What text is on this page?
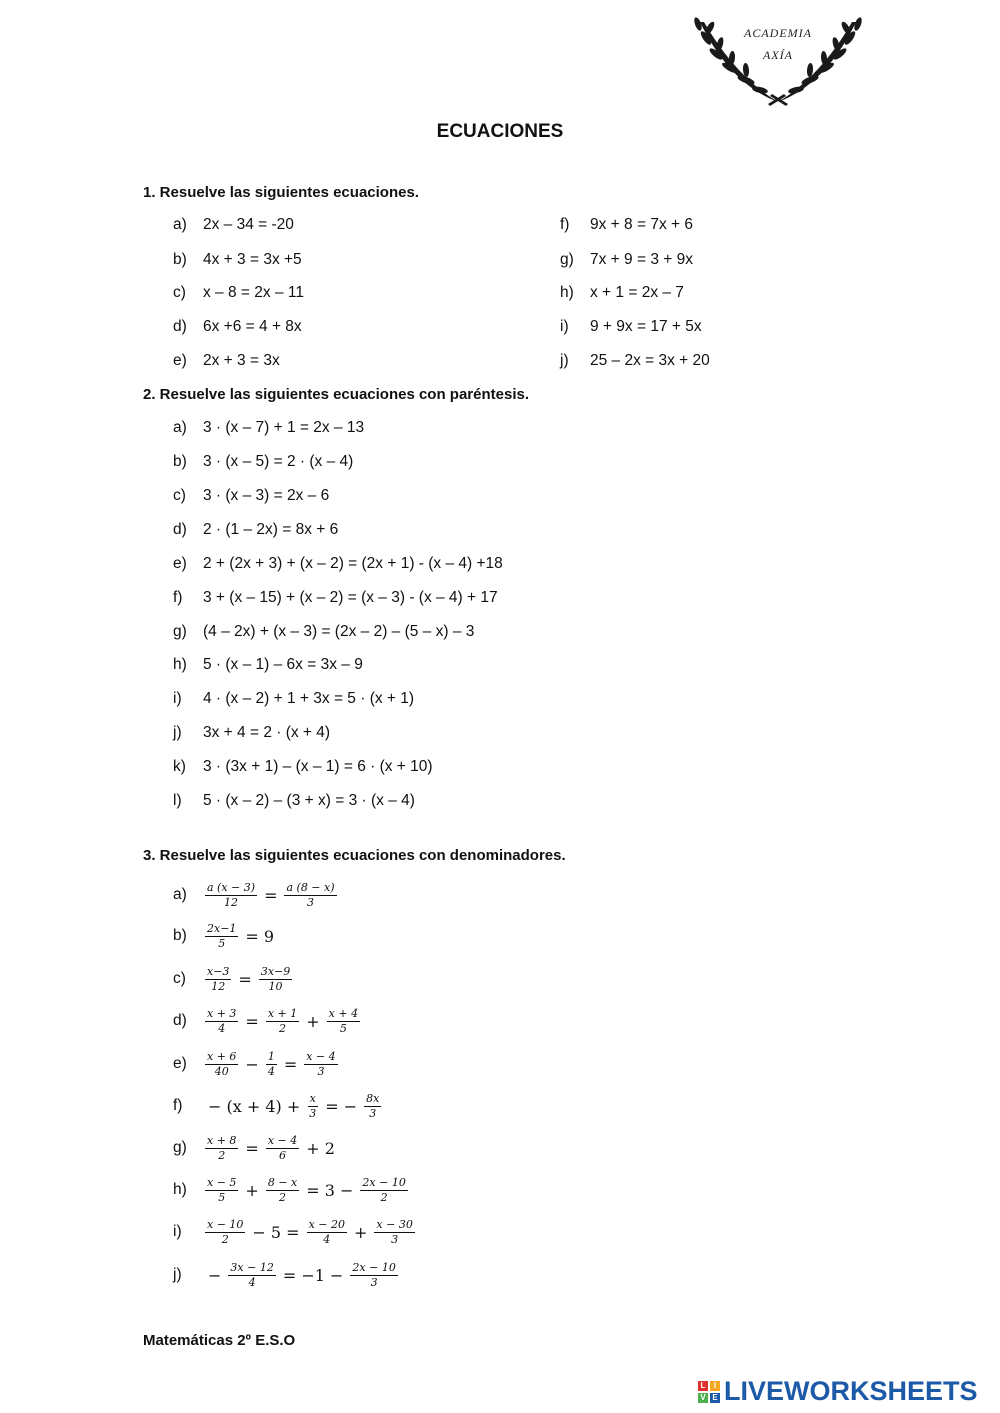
ACADEMIA
AXÍA
ECUACIONES
1. Resuelve las siguientes ecuaciones.
a) 2x – 34 = -20
b) 4x + 3 = 3x +5
c) x – 8 = 2x – 11
d) 6x +6 = 4 + 8x
e) 2x + 3 = 3x
f) 9x + 8 = 7x + 6
g) 7x + 9 = 3 + 9x
h) x + 1 = 2x – 7
i) 9 + 9x = 17 + 5x
j) 25 – 2x = 3x + 20
2. Resuelve las siguientes ecuaciones con paréntesis.
a) 3 · (x – 7) + 1 = 2x – 13
b) 3 · (x – 5) = 2 · (x – 4)
c) 3 · (x – 3) = 2x – 6
d) 2 · (1 – 2x) = 8x + 6
e) 2 + (2x + 3) + (x – 2) = (2x + 1) - (x – 4) +18
f) 3 + (x – 15) + (x – 2) = (x – 3) - (x – 4) + 17
g) (4 – 2x) + (x – 3) = (2x – 2) – (5 – x) – 3
h) 5 · (x – 1) – 6x = 3x – 9
i) 4 · (x – 2) + 1 + 3x = 5 · (x + 1)
j) 3x + 4 = 2 · (x + 4)
k) 3 · (3x + 1) – (x – 1) = 6 · (x + 10)
l) 5 · (x – 2) – (3 + x) = 3 · (x – 4)
3. Resuelve las siguientes ecuaciones con denominadores.
a)	$\frac{a (x - 3)}{12} = \frac{a (8 - x)}{3}$
b)	$\frac{2x-1}{5} = 9$
c)	$\frac{x-3}{12} = \frac{3x-9}{10}$
d)	$\frac{x + 3}{4} = \frac{x + 1}{2} + \frac{x + 4}{5}$
e)	$\frac{x + 6}{40} - \frac{1}{4} = \frac{x - 4}{3}$
f)	− $(x + 4) + \frac{x}{3}$ = − $\frac{8x}{3}$
g)	$\frac{x + 8}{2} = \frac{x - 4}{6} + 2$
h)	$\frac{x - 5}{5} + \frac{8 - x}{2} = 3 - \frac{2x - 10}{2}$
i)	$\frac{x - 10}{2} - 5 = \frac{x - 20}{4} + \frac{x - 30}{3}$
j)	− $\frac{3x - 12}{4} = -1 - \frac{2x - 10}{3}$
Matemáticas 2º E.S.O
L	I
V E LIVEWORKSHEETS
